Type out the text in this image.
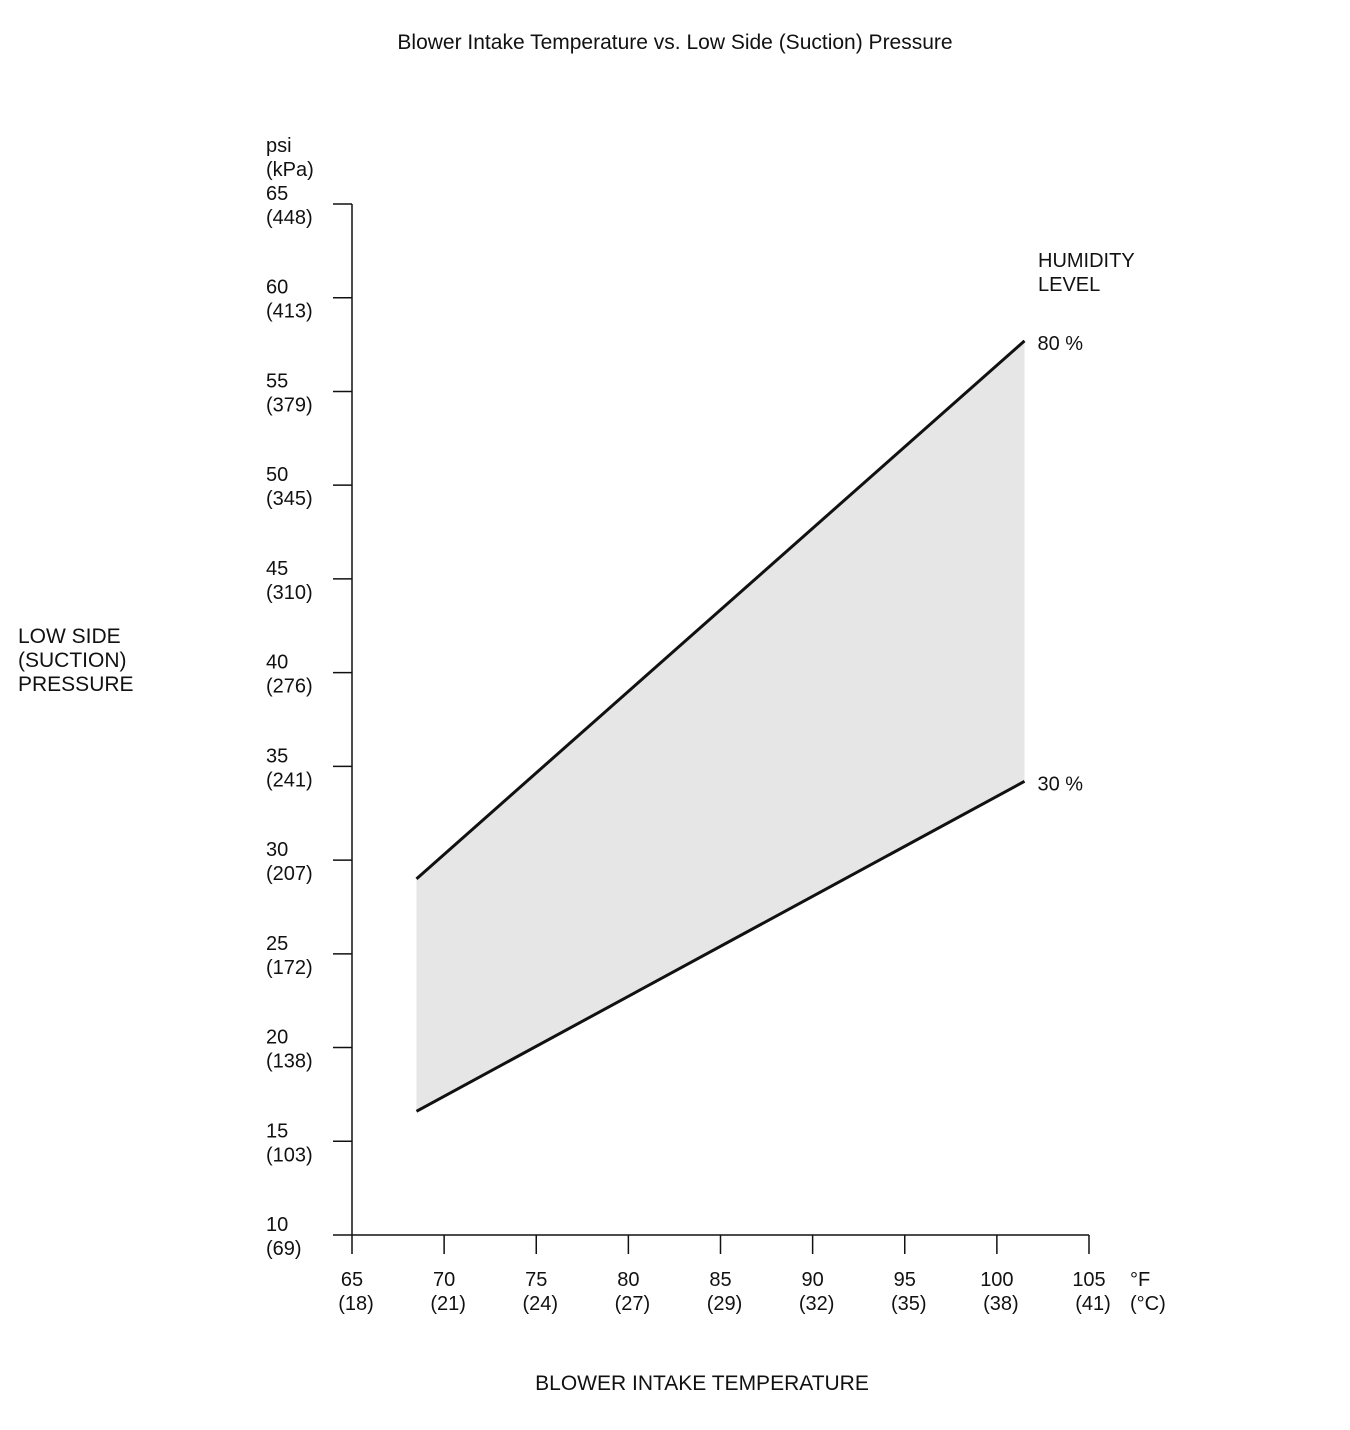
Blower Intake Temperature vs. Low Side (Suction) Pressure
psi
(kPa)
LOW SIDE
(SUCTION)
PRESSURE
BLOWER INTAKE TEMPERATURE
°F
(°C)
HUMIDITY
LEVEL
65
(448)
60
(413)
55
(379)
50
(345)
45
(310)
40
(276)
35
(241)
30
(207)
25
(172)
20
(138)
15
(103)
10
(69)
65
(18)
70
(21)
75
(24)
80
(27)
85
(29)
90
(32)
95
(35)
100
(38)
105
(41)
80 %
30 %
